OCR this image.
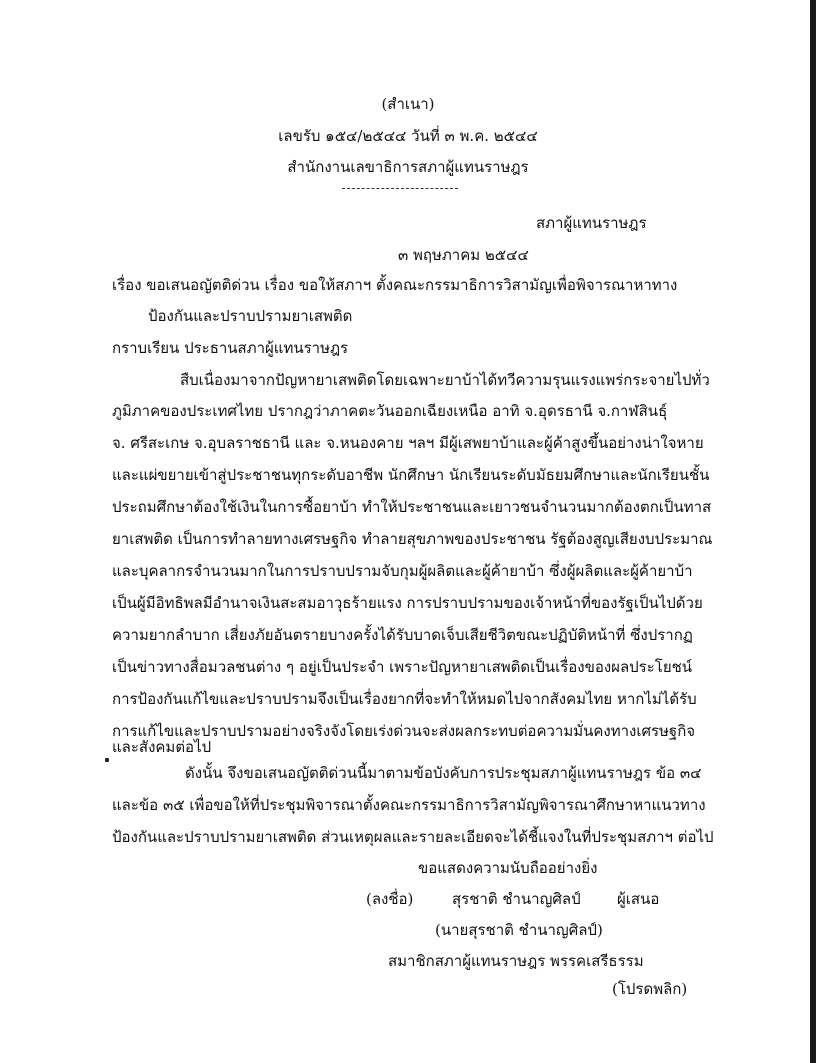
(สำเนา)
เลขรับ ๑๕๔/๒๕๔๔ วันที่ ๓ พ.ค. ๒๕๔๔
สำนักงานเลขาธิการสภาผู้แทนราษฎร
สภาผู้แทนราษฎร
๓ พฤษภาคม ๒๕๔๔
เรื่อง ขอเสนอญัตติด่วน เรื่อง ขอให้สภาฯ ตั้งคณะกรรมาธิการวิสามัญเพื่อพิจารณาหาทาง
ป้องกันและปราบปรามยาเสพติด
กราบเรียน ประธานสภาผู้แทนราษฎร
สืบเนื่องมาจากปัญหายาเสพติดโดยเฉพาะยาบ้าได้ทวีความรุนแรงแพร่กระจายไปทั่ว
ภูมิภาคของประเทศไทย ปรากฎว่าภาคตะวันออกเฉียงเหนือ อาทิ จ.อุดรธานี จ.กาฬสินธุ์
จ. ศรีสะเกษ จ.อุบลราชธานี และ จ.หนองคาย ฯลฯ มีผู้เสพยาบ้าและผู้ค้าสูงขึ้นอย่างน่าใจหาย
และแผ่ขยายเข้าสู่ประชาชนทุกระดับอาชีพ นักศึกษา นักเรียนระดับมัธยมศึกษาและนักเรียนชั้น
ประถมศึกษาต้องใช้เงินในการซื้อยาบ้า ทำให้ประชาชนและเยาวชนจำนวนมากต้องตกเป็นทาส
ยาเสพติด เป็นการทำลายทางเศรษฐกิจ ทำลายสุขภาพของประชาชน รัฐต้องสูญเสียงบประมาณ
และบุคลากรจำนวนมากในการปราบปรามจับกุมผู้ผลิตและผู้ค้ายาบ้า ซึ่งผู้ผลิตและผู้ค้ายาบ้า
เป็นผู้มีอิทธิพลมีอำนาจเงินสะสมอาวุธร้ายแรง การปราบปรามของเจ้าหน้าที่ของรัฐเป็นไปด้วย
ความยากลำบาก เสี่ยงภัยอันตรายบางครั้งได้รับบาดเจ็บเสียชีวิตขณะปฏิบัติหน้าที่ ซึ่งปรากฏ
เป็นข่าวทางสื่อมวลชนต่าง ๆ อยู่เป็นประจำ เพราะปัญหายาเสพติดเป็นเรื่องของผลประโยชน์
การป้องกันแก้ไขและปราบปรามจึงเป็นเรื่องยากที่จะทำให้หมดไปจากสังคมไทย หากไม่ได้รับ
การแก้ไขและปราบปรามอย่างจริงจังโดยเร่งด่วนจะส่งผลกระทบต่อความมั่นคงทางเศรษฐกิจ
และสังคมต่อไป
ดังนั้น จึงขอเสนอญัตติด่วนนี้มาตามข้อบังคับการประชุมสภาผู้แทนราษฎร ข้อ ๓๔
และข้อ ๓๕ เพื่อขอให้ที่ประชุมพิจารณาตั้งคณะกรรมาธิการวิสามัญพิจารณาศึกษาหาแนวทาง
ป้องกันและปราบปรามยาเสพติด ส่วนเหตุผลและรายละเอียดจะได้ชี้แจงในที่ประชุมสภาฯ ต่อไป
ขอแสดงความนับถืออย่างยิ่ง
(ลงชื่อ)	สุรชาติ ชำนาญศิลป์ ผู้เสนอ
(นายสุรชาติ ชำนาญศิลป์)
สมาชิกสภาผู้แทนราษฎร พรรคเสรีธรรม
(โปรดพลิก)
